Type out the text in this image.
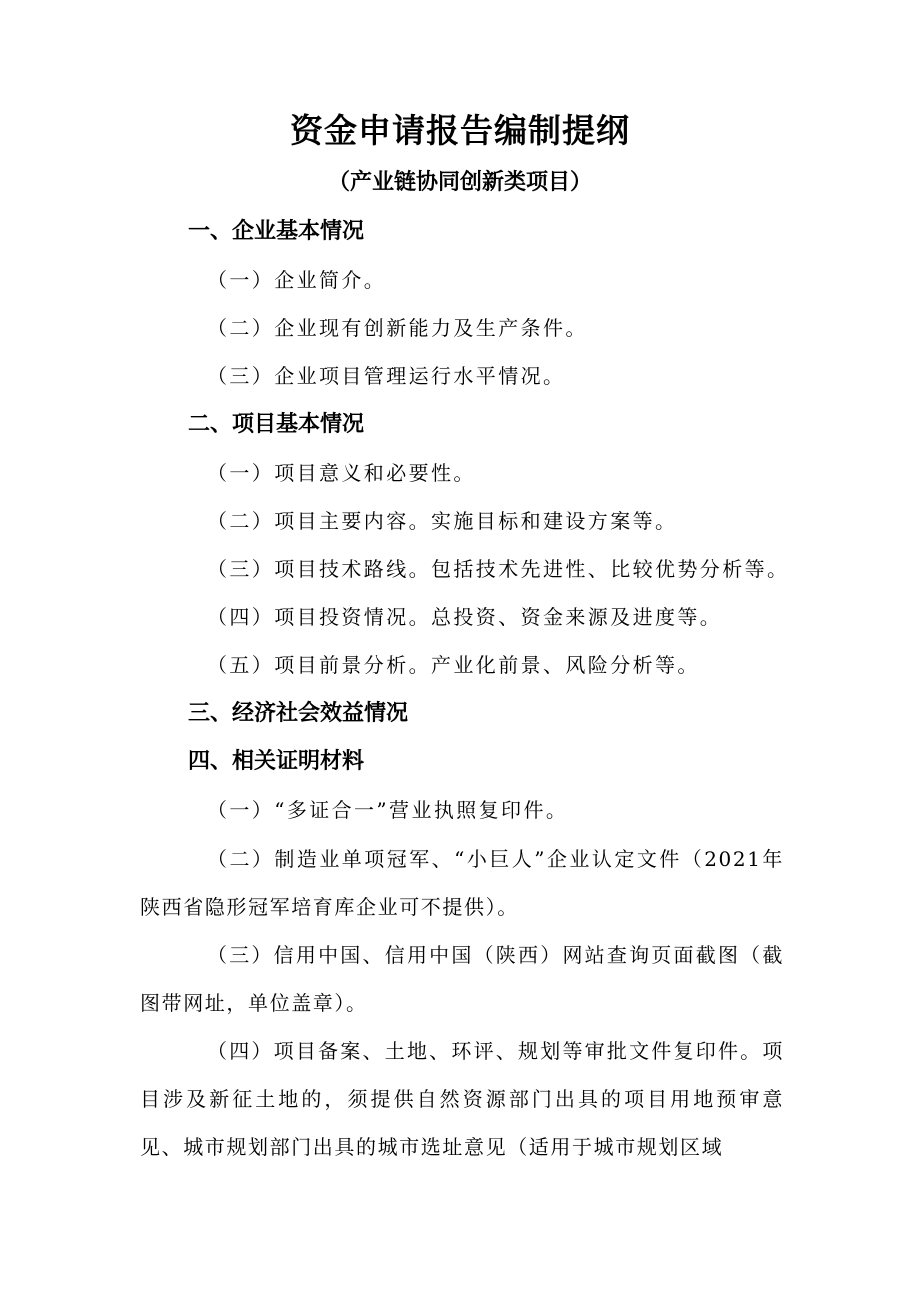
资金申请报告编制提纲
（产业链协同创新类项目）
一、企业基本情况
（一）企业简介。
（二）企业现有创新能力及生产条件。
（三）企业项目管理运行水平情况。
二、项目基本情况
（一）项目意义和必要性。
（二）项目主要内容。实施目标和建设方案等。
（三）项目技术路线。包括技术先进性、比较优势分析等。
（四）项目投资情况。总投资、资金来源及进度等。
（五）项目前景分析。产业化前景、风险分析等。
三、经济社会效益情况
四、相关证明材料
（一）“多证合一”营业执照复印件。
（二）制造业单项冠军、“小巨人”企业认定文件（2021年陕西省隐形冠军培育库企业可不提供）。
（三）信用中国、信用中国（陕西）网站查询页面截图（截图带网址，单位盖章）。
（四）项目备案、土地、环评、规划等审批文件复印件。项目涉及新征土地的，须提供自然资源部门出具的项目用地预审意见、城市规划部门出具的城市选址意见（适用于城市规划区域
